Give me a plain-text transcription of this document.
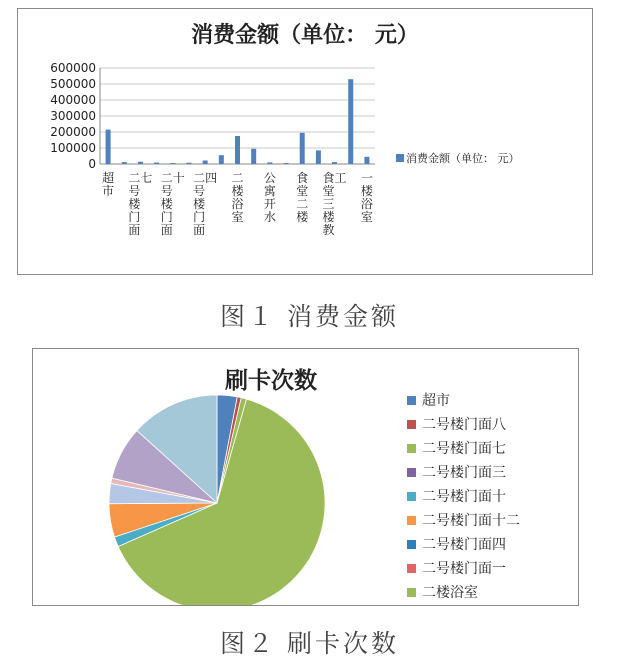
消费金额（单位： 元）
600000
500000
400000
300000
200000
100000
0
超
市
二
号
楼
门
面
七 二
号
楼
门
面
十 二
号
楼
门
面
四 二
楼
浴
室
公
寓
开
水
食
堂
二
楼
食
堂
三
楼
教
工 一
楼
浴
室
消费金额（单位： 元）
图１ 消费金额
刷卡次数
超市
二号楼门面八
二号楼门面七
二号楼门面三
二号楼门面十
二号楼门面十二
二号楼门面四
二号楼门面一
二楼浴室
图２ 刷卡次数
